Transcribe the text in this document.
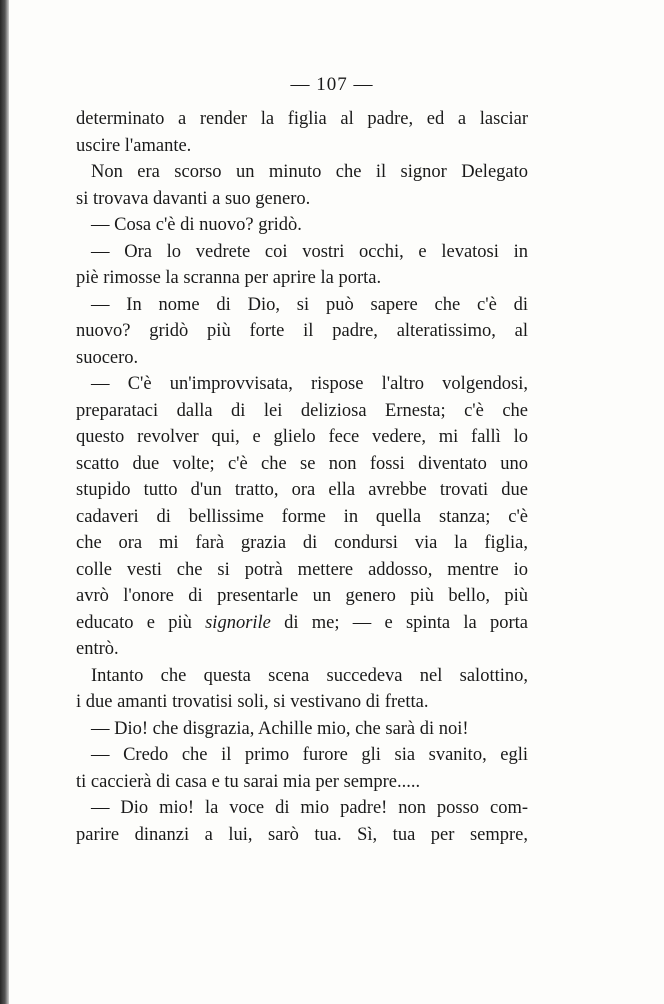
— 107 —
determinato a render la figlia al padre, ed a lasciar
uscire l'amante.
Non era scorso un minuto che il signor Delegato
si trovava davanti a suo genero.
— Cosa c'è di nuovo? gridò.
— Ora lo vedrete coi vostri occhi, e levatosi in
piè rimosse la scranna per aprire la porta.
— In nome di Dio, si può sapere che c'è di
nuovo? gridò più forte il padre, alteratissimo, al
suocero.
— C'è un'improvvisata, rispose l'altro volgendosi,
preparataci dalla di lei deliziosa Ernesta; c'è che
questo revolver qui, e glielo fece vedere, mi fallì lo
scatto due volte; c'è che se non fossi diventato uno
stupido tutto d'un tratto, ora ella avrebbe trovati due
cadaveri di bellissime forme in quella stanza; c'è
che ora mi farà grazia di condursi via la figlia,
colle vesti che si potrà mettere addosso, mentre io
avrò l'onore di presentarle un genero più bello, più
educato e più signorile di me; — e spinta la porta
entrò.
Intanto che questa scena succedeva nel salottino,
i due amanti trovatisi soli, si vestivano di fretta.
— Dio! che disgrazia, Achille mio, che sarà di noi!
— Credo che il primo furore gli sia svanito, egli
ti caccierà di casa e tu sarai mia per sempre.....
— Dio mio! la voce di mio padre! non posso com-
parire dinanzi a lui, sarò tua. Sì, tua per sempre,
